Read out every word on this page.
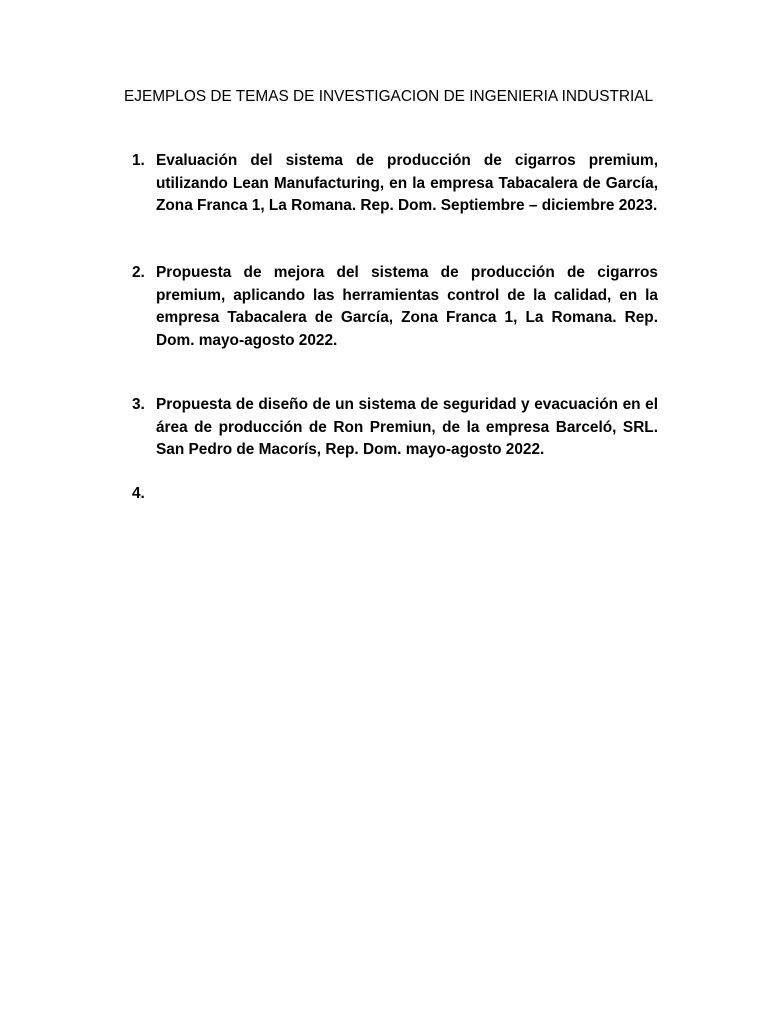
EJEMPLOS DE TEMAS DE INVESTIGACION DE INGENIERIA INDUSTRIAL
1. Evaluación del sistema de producción de cigarros premium, utilizando Lean Manufacturing, en la empresa Tabacalera de García, Zona Franca 1, La Romana. Rep. Dom. Septiembre – diciembre 2023.
2. Propuesta de mejora del sistema de producción de cigarros premium, aplicando las herramientas control de la calidad, en la empresa Tabacalera de García, Zona Franca 1, La Romana. Rep. Dom. mayo-agosto 2022.
3. Propuesta de diseño de un sistema de seguridad y evacuación en el área de producción de Ron Premiun, de la empresa Barceló, SRL. San Pedro de Macorís, Rep. Dom. mayo-agosto 2022.
4.
